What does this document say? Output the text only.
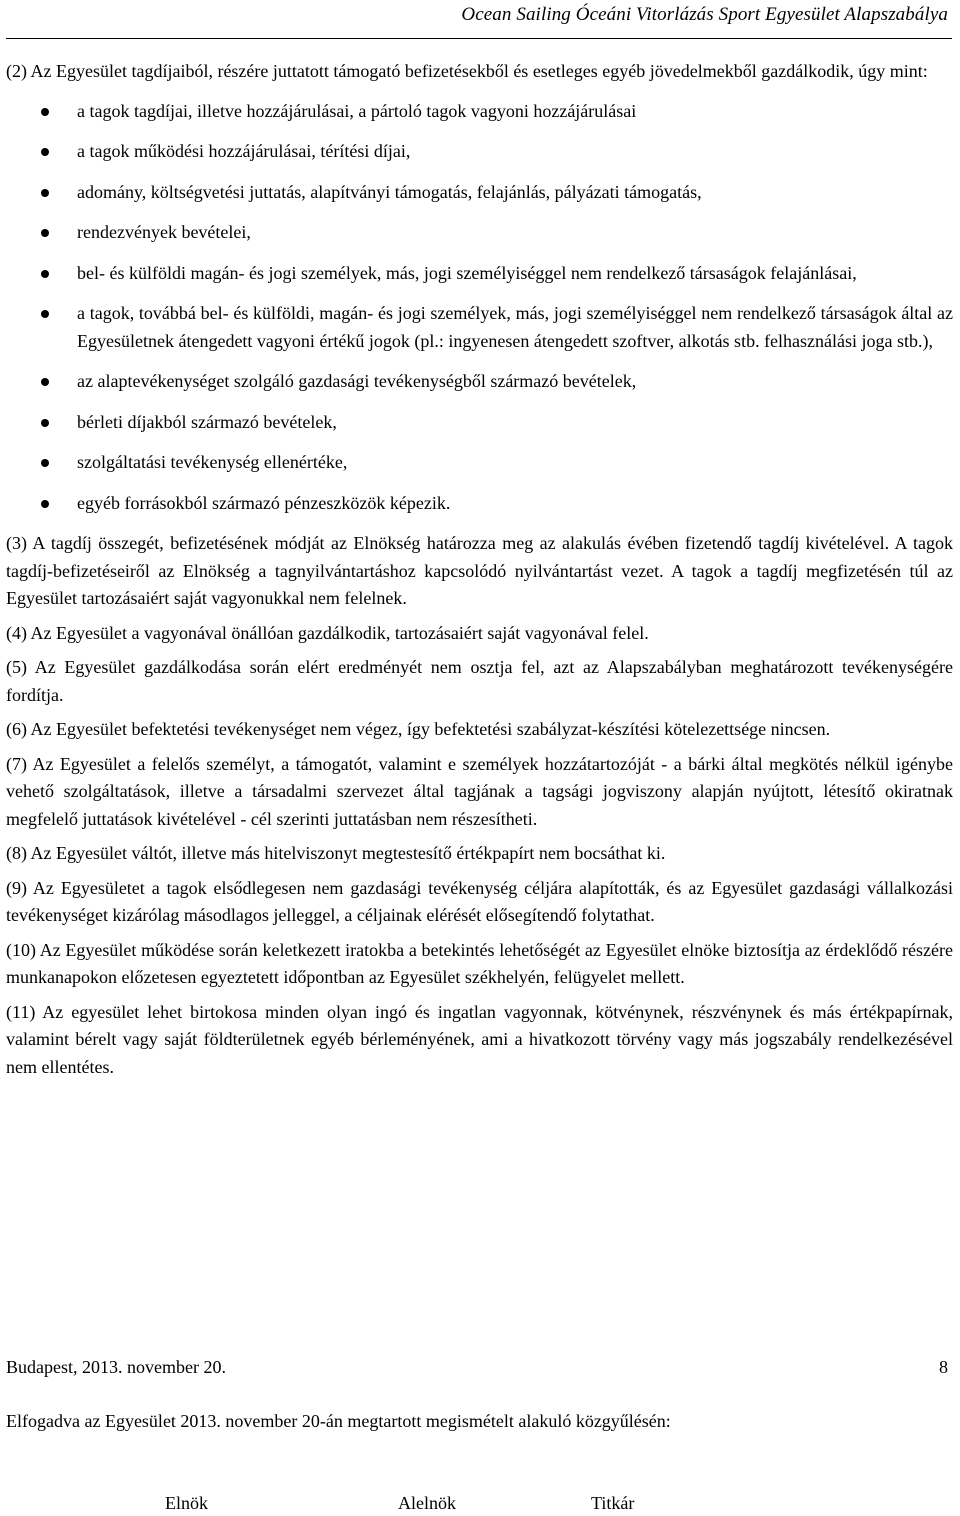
Ocean Sailing Óceáni Vitorlázás Sport Egyesület Alapszabálya

(2) Az Egyesület tagdíjaiból, részére juttatott támogató befizetésekből és esetleges egyéb jövedelmekből gazdálkodik, úgy mint:

a tagok tagdíjai, illetve hozzájárulásai, a pártoló tagok vagyoni hozzájárulásai
a tagok működési hozzájárulásai, térítési díjai,
adomány, költségvetési juttatás, alapítványi támogatás, felajánlás, pályázati támogatás,
rendezvények bevételei,
bel- és külföldi magán- és jogi személyek, más, jogi személyiséggel nem rendelkező társaságok felajánlásai,
a tagok, továbbá bel- és külföldi, magán- és jogi személyek, más, jogi személyiséggel nem rendelkező társaságok által az Egyesületnek átengedett vagyoni értékű jogok (pl.: ingyenesen átengedett szoftver, alkotás stb. felhasználási joga stb.),
az alaptevékenységet szolgáló gazdasági tevékenységből származó bevételek,
bérleti díjakból származó bevételek,
szolgáltatási tevékenység ellenértéke,
egyéb forrásokból származó pénzeszközök képezik.

(3) A tagdíj összegét, befizetésének módját az Elnökség határozza meg az alakulás évében fizetendő tagdíj kivételével. A tagok tagdíj-befizetéseiről az Elnökség a tagnyilvántartáshoz kapcsolódó nyilvántartást vezet. A tagok a tagdíj megfizetésén túl az Egyesület tartozásaiért saját vagyonukkal nem felelnek.

(4) Az Egyesület a vagyonával önállóan gazdálkodik, tartozásaiért saját vagyonával felel.

(5) Az Egyesület gazdálkodása során elért eredményét nem osztja fel, azt az Alapszabályban meghatározott tevékenységére fordítja.

(6) Az Egyesület befektetési tevékenységet nem végez, így befektetési szabályzat-készítési kötelezettsége nincsen.

(7) Az Egyesület a felelős személyt, a támogatót, valamint e személyek hozzátartozóját - a bárki által megkötés nélkül igénybe vehető szolgáltatások, illetve a társadalmi szervezet által tagjának a tagsági jogviszony alapján nyújtott, létesítő okiratnak megfelelő juttatások kivételével - cél szerinti juttatásban nem részesítheti.

(8) Az Egyesület váltót, illetve más hitelviszonyt megtestesítő értékpapírt nem bocsáthat ki.

(9) Az Egyesületet a tagok elsődlegesen nem gazdasági tevékenység céljára alapították, és az Egyesület gazdasági vállalkozási tevékenységet kizárólag másodlagos jelleggel, a céljainak elérését elősegítendő folytathat.

(10) Az Egyesület működése során keletkezett iratokba a betekintés lehetőségét az Egyesület elnöke biztosítja az érdeklődő részére munkanapokon előzetesen egyeztetett időpontban az Egyesület székhelyén, felügyelet mellett.

(11) Az egyesület lehet birtokosa minden olyan ingó és ingatlan vagyonnak, kötvénynek, részvénynek és más értékpapírnak, valamint bérelt vagy saját földterületnek egyéb bérleményének, ami a hivatkozott törvény vagy más jogszabály rendelkezésével nem ellentétes.

Budapest, 2013. november 20.	8
Elfogadva az Egyesület 2013. november 20-án megtartott megismételt alakuló közgyűlésén:
Elnök	Alelnök	Titkár
